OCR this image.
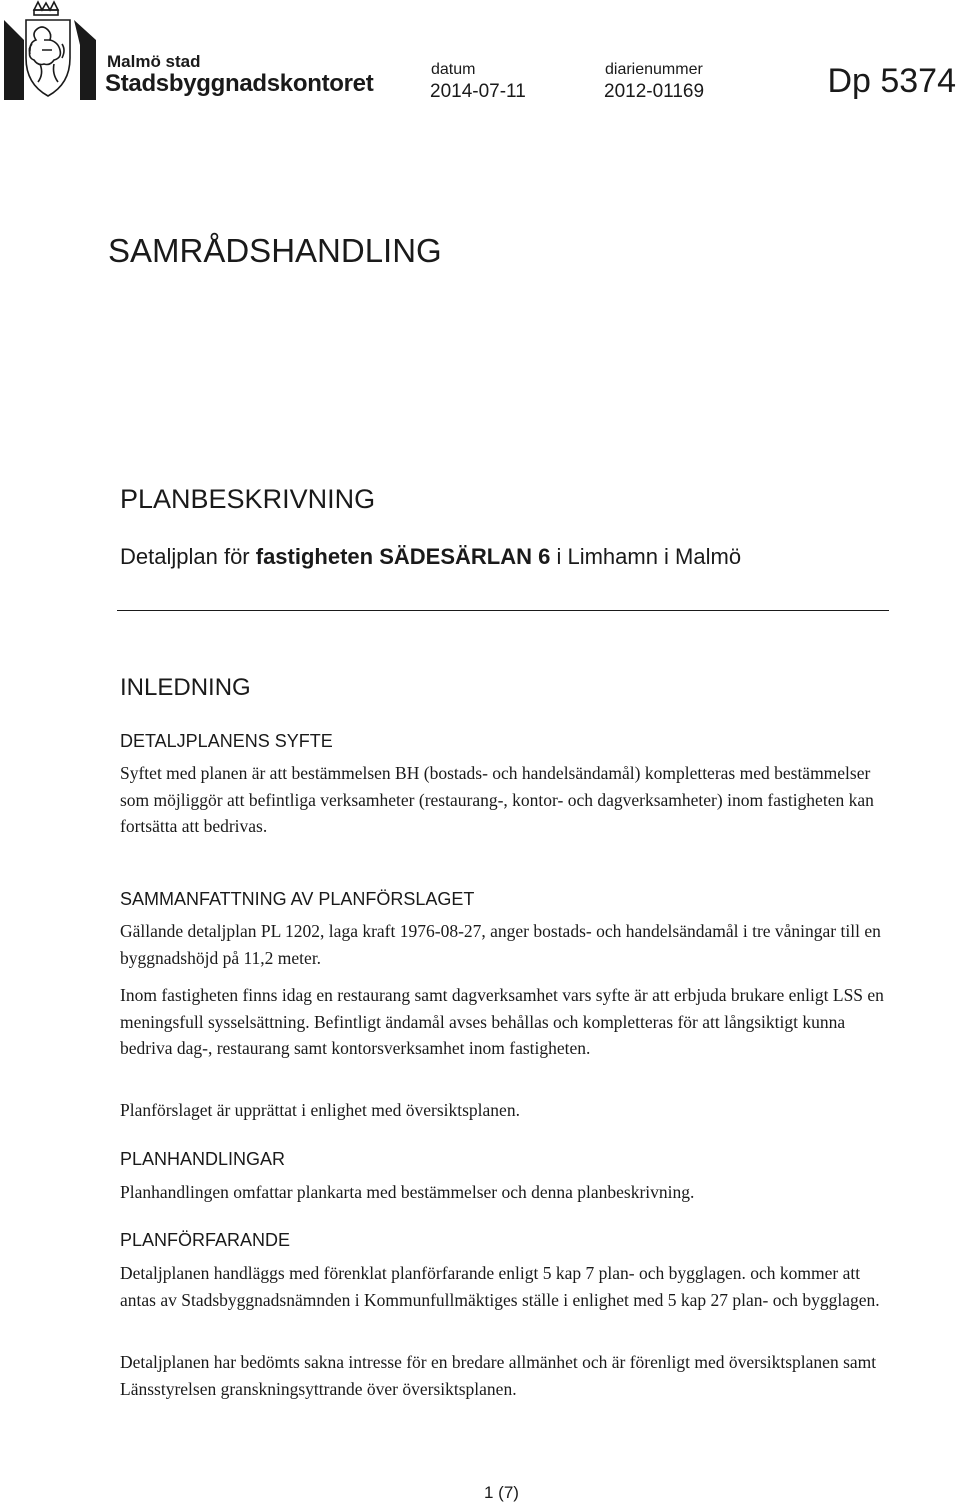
Malmö stad
Stadsbyggnadskontoret
datum
2014-07-11
diarienummer
2012-01169	Dp 5374
SAMRÅDSHANDLING
PLANBESKRIVNING
Detaljplan för fastigheten SÄDESÄRLAN 6 i Limhamn i Malmö
INLEDNING
DETALJPLANENS SYFTE
Syftet med planen är att bestämmelsen BH (bostads- och handelsändamål) kompletteras med bestämmelser som möjliggör att befintliga verksamheter (restaurang-, kontor- och dagverksamheter) inom fastigheten kan fortsätta att bedrivas.
SAMMANFATTNING AV PLANFÖRSLAGET
Gällande detaljplan PL 1202, laga kraft 1976-08-27, anger bostads- och handelsändamål i tre våningar till en byggnadshöjd på 11,2 meter.
Inom fastigheten finns idag en restaurang samt dagverksamhet vars syfte är att erbjuda brukare enligt LSS en meningsfull sysselsättning. Befintligt ändamål avses behållas och kompletteras för att långsiktigt kunna bedriva dag-, restaurang samt kontorsverksamhet inom fastigheten.
Planförslaget är upprättat i enlighet med översiktsplanen.
PLANHANDLINGAR
Planhandlingen omfattar plankarta med bestämmelser och denna planbeskrivning.
PLANFÖRFARANDE
Detaljplanen handläggs med förenklat planförfarande enligt 5 kap 7 plan- och bygglagen. och kommer att antas av Stadsbyggnadsnämnden i Kommunfullmäktiges ställe i enlighet med 5 kap 27 plan- och bygglagen.
Detaljplanen har bedömts sakna intresse för en bredare allmänhet och är förenligt med översiktsplanen samt Länsstyrelsen granskningsyttrande över översiktsplanen.
1 (7)
